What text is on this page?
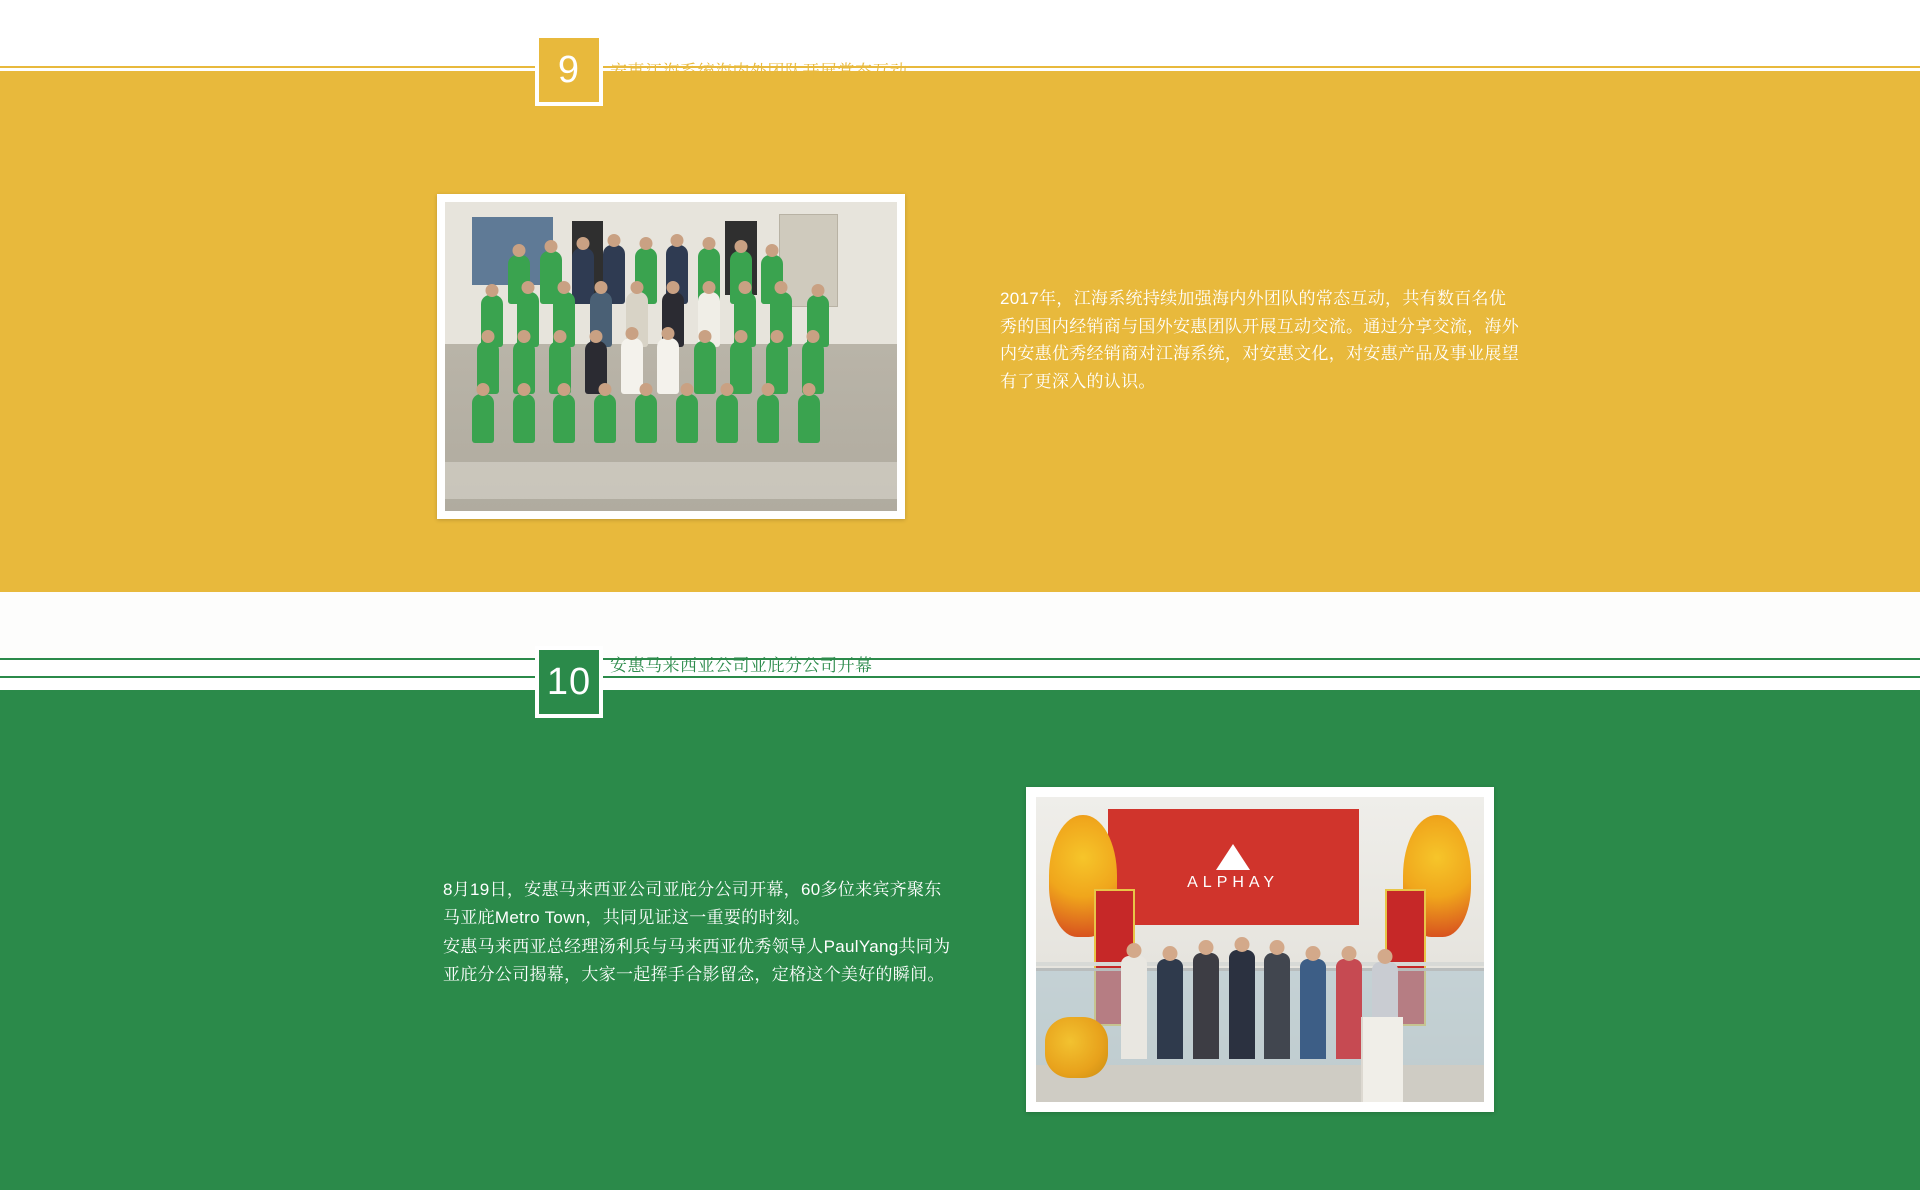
9 安惠江海系统海内外团队开展常态互动
2017年，江海系统持续加强海内外团队的常态互动，共有数百名优秀的国内经销商与国外安惠团队开展互动交流。通过分享交流，海外内安惠优秀经销商对江海系统，对安惠文化，对安惠产品及事业展望有了更深入的认识。
10 安惠马来西亚公司亚庇分公司开幕
ALPHAY

8月19日，安惠马来西亚公司亚庇分公司开幕，60多位来宾齐聚东马亚庇Metro Town，共同见证这一重要的时刻。

安惠马来西亚总经理汤利兵与马来西亚优秀领导人PaulYang共同为亚庇分公司揭幕，大家一起挥手合影留念，定格这个美好的瞬间。
